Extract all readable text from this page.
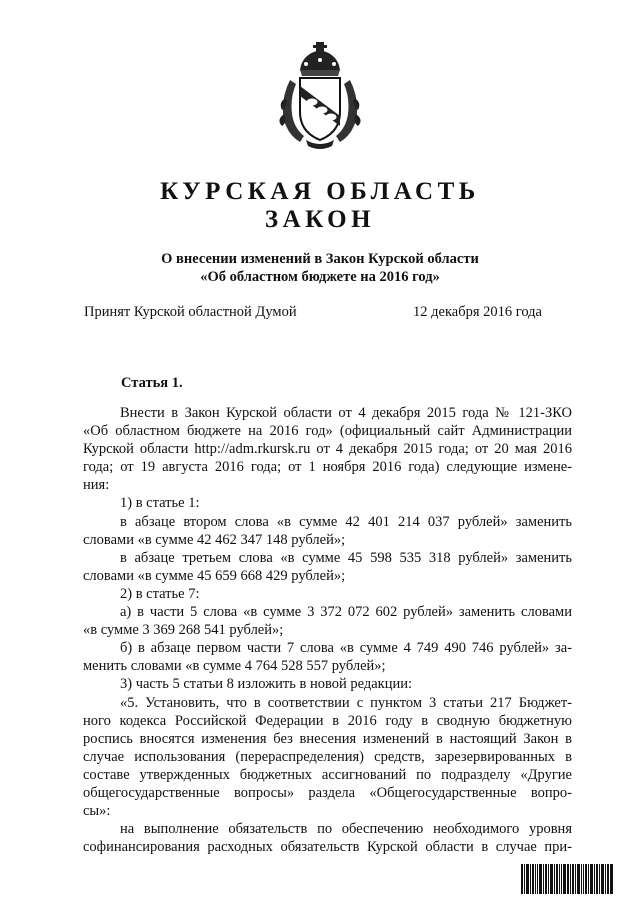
КУРСКАЯ ОБЛАСТЬ
ЗАКОН
О внесении изменений в Закон Курской области
«Об областном бюджете на 2016 год»
Принят Курской областной Думой	12 декабря 2016 года
Статья 1.

Внести в Закон Курской области от 4 декабря 2015 года № 121-ЗКО

«Об областном бюджете на 2016 год» (официальный сайт Администрации

Курской области http://adm.rkursk.ru от 4 декабря 2015 года; от 20 мая 2016

года; от 19 августа 2016 года; от 1 ноября 2016 года) следующие измене-

ния:

1) в статье 1:

в абзаце втором слова «в сумме 42 401 214 037 рублей» заменить

словами «в сумме 42 462 347 148 рублей»;

в абзаце третьем слова «в сумме 45 598 535 318 рублей» заменить

словами «в сумме 45 659 668 429 рублей»;

2) в статье 7:

а) в части 5 слова «в сумме 3 372 072 602 рублей» заменить словами

«в сумме 3 369 268 541 рублей»;

б) в абзаце первом части 7 слова «в сумме 4 749 490 746 рублей» за-

менить словами «в сумме 4 764 528 557 рублей»;

3) часть 5 статьи 8 изложить в новой редакции:

«5. Установить, что в соответствии с пунктом 3 статьи 217 Бюджет-

ного кодекса Российской Федерации в 2016 году в сводную бюджетную

роспись вносятся изменения без внесения изменений в настоящий Закон в

случае использования (перераспределения) средств, зарезервированных в

составе утвержденных бюджетных ассигнований по подразделу «Другие

общегосударственные вопросы» раздела «Общегосударственные вопро-

сы»:

на выполнение обязательств по обеспечению необходимого уровня

софинансирования расходных обязательств Курской области в случае при-
